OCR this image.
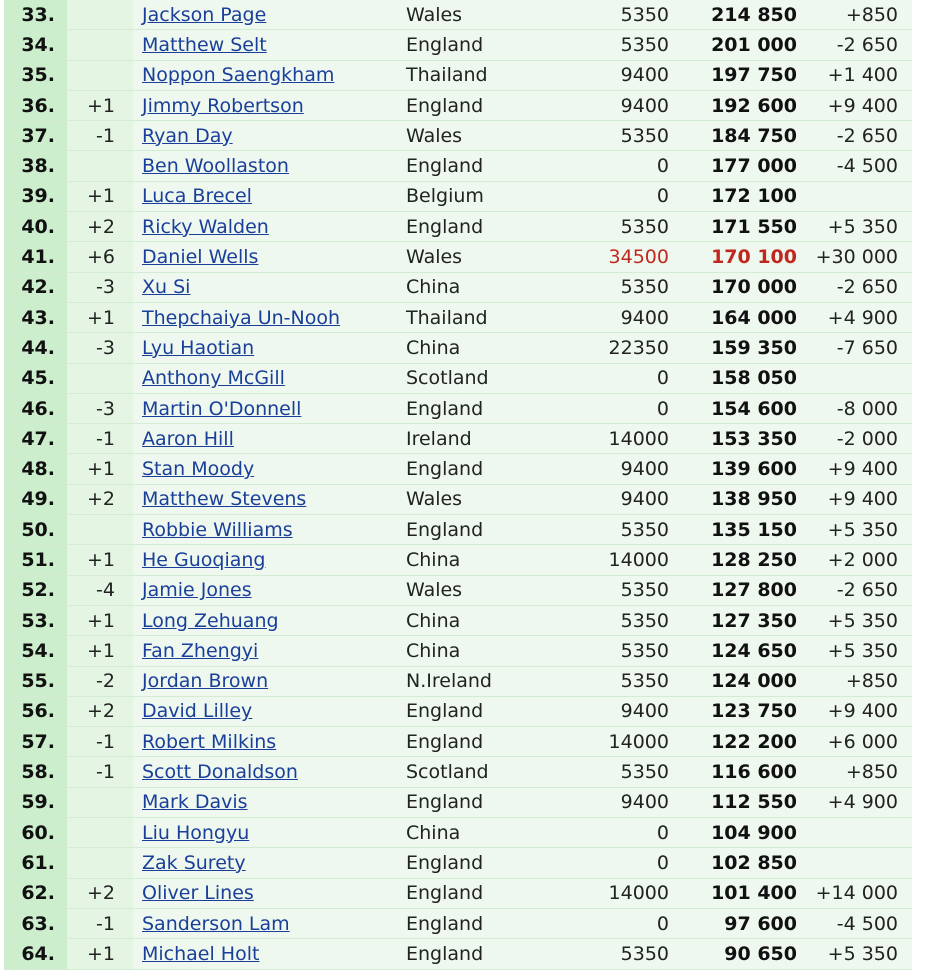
33.		Jackson Page	Wales	5350	214 850	+850
34.		Matthew Selt	England	5350	201 000	-2 650
35.		Noppon Saengkham	Thailand	9400	197 750	+1 400
36.	+1	Jimmy Robertson	England	9400	192 600	+9 400
37.	-1	Ryan Day	Wales	5350	184 750	-2 650
38.		Ben Woollaston	England	0	177 000	-4 500
39.	+1	Luca Brecel	Belgium	0	172 100	
40.	+2	Ricky Walden	England	5350	171 550	+5 350
41.	+6	Daniel Wells	Wales	34500	170 100	+30 000
42.	-3	Xu Si	China	5350	170 000	-2 650
43.	+1	Thepchaiya Un-Nooh	Thailand	9400	164 000	+4 900
44.	-3	Lyu Haotian	China	22350	159 350	-7 650
45.		Anthony McGill	Scotland	0	158 050	
46.	-3	Martin O'Donnell	England	0	154 600	-8 000
47.	-1	Aaron Hill	Ireland	14000	153 350	-2 000
48.	+1	Stan Moody	England	9400	139 600	+9 400
49.	+2	Matthew Stevens	Wales	9400	138 950	+9 400
50.		Robbie Williams	England	5350	135 150	+5 350
51.	+1	He Guoqiang	China	14000	128 250	+2 000
52.	-4	Jamie Jones	Wales	5350	127 800	-2 650
53.	+1	Long Zehuang	China	5350	127 350	+5 350
54.	+1	Fan Zhengyi	China	5350	124 650	+5 350
55.	-2	Jordan Brown	N.Ireland	5350	124 000	+850
56.	+2	David Lilley	England	9400	123 750	+9 400
57.	-1	Robert Milkins	England	14000	122 200	+6 000
58.	-1	Scott Donaldson	Scotland	5350	116 600	+850
59.		Mark Davis	England	9400	112 550	+4 900
60.		Liu Hongyu	China	0	104 900	
61.		Zak Surety	England	0	102 850	
62.	+2	Oliver Lines	England	14000	101 400	+14 000
63.	-1	Sanderson Lam	England	0	97 600	-4 500
64.	+1	Michael Holt	England	5350	90 650	+5 350
